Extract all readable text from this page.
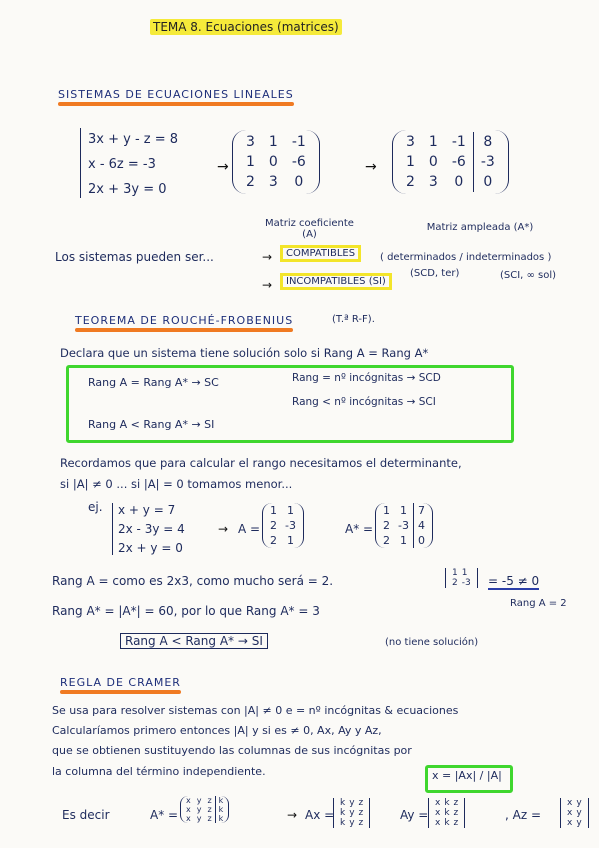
TEMA 8. Ecuaciones (matrices)
SISTEMAS DE ECUACIONES LINEALES
3x + y - z = 8
x - 6z = -3
2x + 3y = 0
→
3	1	-1
1	0	-6
2	3	0
→
3	1	-1	8
1	0	-6	-3
2	3	0	0
Matriz coeficiente (A)
Matriz ampleada (A*)
Los sistemas pueden ser...	→	COMPATIBLES	( determinados / indeterminados )
(SCD, ter)	(SCI, ∞ sol)
→	INCOMPATIBLES (SI)
TEOREMA DE ROUCHÉ-FROBENIUS	(T.ª R-F).
Declara que un sistema tiene solución solo si Rang A = Rang A*
Rang A = Rang A* → SC	Rang = nº incógnitas → SCD
Rang < nº incógnitas → SCI
Rang A < Rang A* → SI
Recordamos que para calcular el rango necesitamos el determinante,
si |A| ≠ 0 ... si |A| = 0 tomamos menor...
ej. x + y = 7
2x - 3y = 4
2x + y = 0
→ A =
1	1
2	-3
2	1
A* =
1	1	7
2	-3	4
2	1	0
Rang A = como es 2x3, como mucho será = 2.
1	1
2	-3 = -5 ≠ 0
Rang A = 2
Rang A* = |A*| = 60, por lo que Rang A* = 3
Rang A < Rang A* → SI	(no tiene solución)
REGLA DE CRAMER
Se usa para resolver sistemas con |A| ≠ 0 e = nº incógnitas & ecuaciones
Calcularíamos primero entonces |A| y si es ≠ 0, Ax, Ay y Az,
que se obtienen sustituyendo las columnas de sus incógnitas por
la columna del término independiente.	x = |Ax| / |A|
Es decir	A* =
x	y	z	k
x	y	z	k
x	y	z	k	→ Ax =
k	y	z
k	y	z
k	y	z
Ay =
x	k	z
x	k	z
x	k	z
, Az =
x	y
x	y
x	y
